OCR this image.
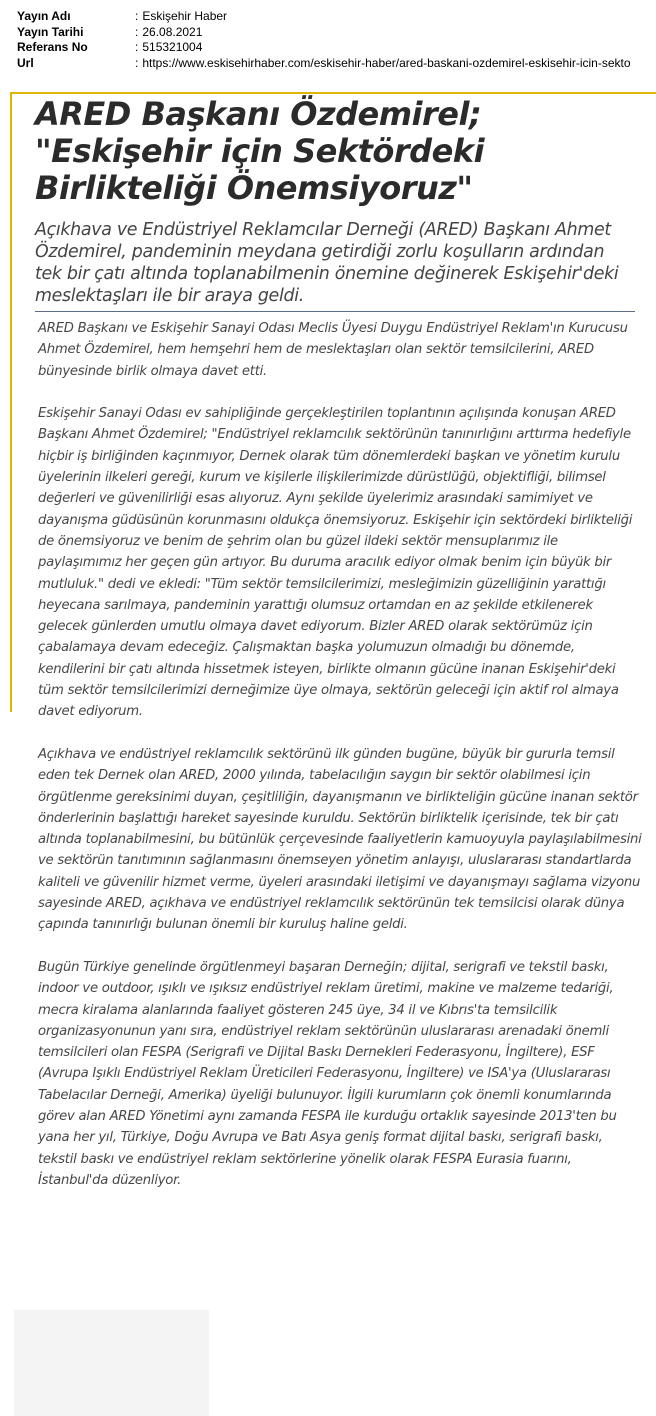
Yayın Adı	: Eskişehir Haber
Yayın Tarihi	: 26.08.2021
Referans No	: 515321004
Url	: https://www.eskisehirhaber.com/eskisehir-haber/ared-baskani-ozdemirel-eskisehir-icin-sekto
ARED Başkanı Özdemirel;
"Eskişehir için Sektördeki
Birlikteliği Önemsiyoruz"

Açıkhava ve Endüstriyel Reklamcılar Derneği (ARED) Başkanı Ahmet Özdemirel, pandeminin meydana getirdiği zorlu koşulların ardından tek bir çatı altında toplanabilmenin önemine değinerek Eskişehir'deki meslektaşları ile bir araya geldi.

ARED Başkanı ve Eskişehir Sanayi Odası Meclis Üyesi Duygu Endüstriyel Reklam'ın Kurucusu Ahmet Özdemirel, hem hemşehri hem de meslektaşları olan sektör temsilcilerini, ARED bünyesinde birlik olmaya davet etti.

Eskişehir Sanayi Odası ev sahipliğinde gerçekleştirilen toplantının açılışında konuşan ARED Başkanı Ahmet Özdemirel; "Endüstriyel reklamcılık sektörünün tanınırlığını arttırma hedefiyle hiçbir iş birliğinden kaçınmıyor, Dernek olarak tüm dönemlerdeki başkan ve yönetim kurulu üyelerinin ilkeleri gereği, kurum ve kişilerle ilişkilerimizde dürüstlüğü, objektifliği, bilimsel değerleri ve güvenilirliği esas alıyoruz. Aynı şekilde üyelerimiz arasındaki samimiyet ve dayanışma güdüsünün korunmasını oldukça önemsiyoruz. Eskişehir için sektördeki birlikteliği de önemsiyoruz ve benim de şehrim olan bu güzel ildeki sektör mensuplarımız ile paylaşımımız her geçen gün artıyor. Bu duruma aracılık ediyor olmak benim için büyük bir mutluluk." dedi ve ekledi: "Tüm sektör temsilcilerimizi, mesleğimizin güzelliğinin yarattığı heyecana sarılmaya, pandeminin yarattığı olumsuz ortamdan en az şekilde etkilenerek gelecek günlerden umutlu olmaya davet ediyorum. Bizler ARED olarak sektörümüz için çabalamaya devam edeceğiz. Çalışmaktan başka yolumuzun olmadığı bu dönemde, kendilerini bir çatı altında hissetmek isteyen, birlikte olmanın gücüne inanan Eskişehir'deki tüm sektör temsilcilerimizi derneğimize üye olmaya, sektörün geleceği için aktif rol almaya davet ediyorum.

Açıkhava ve endüstriyel reklamcılık sektörünü ilk günden bugüne, büyük bir gururla temsil eden tek Dernek olan ARED, 2000 yılında, tabelacılığın saygın bir sektör olabilmesi için örgütlenme gereksinimi duyan, çeşitliliğin, dayanışmanın ve birlikteliğin gücüne inanan sektör önderlerinin başlattığı hareket sayesinde kuruldu. Sektörün birliktelik içerisinde, tek bir çatı altında toplanabilmesini, bu bütünlük çerçevesinde faaliyetlerin kamuoyuyla paylaşılabilmesini ve sektörün tanıtımının sağlanmasını önemseyen yönetim anlayışı, uluslararası standartlarda kaliteli ve güvenilir hizmet verme, üyeleri arasındaki iletişimi ve dayanışmayı sağlama vizyonu sayesinde ARED, açıkhava ve endüstriyel reklamcılık sektörünün tek temsilcisi olarak dünya çapında tanınırlığı bulunan önemli bir kuruluş haline geldi.

Bugün Türkiye genelinde örgütlenmeyi başaran Derneğin; dijital, serigrafi ve tekstil baskı, indoor ve outdoor, ışıklı ve ışıksız endüstriyel reklam üretimi, makine ve malzeme tedariği, mecra kiralama alanlarında faaliyet gösteren 245 üye, 34 il ve Kıbrıs'ta temsilcilik organizasyonunun yanı sıra, endüstriyel reklam sektörünün uluslararası arenadaki önemli temsilcileri olan FESPA (Serigrafi ve Dijital Baskı Dernekleri Federasyonu, İngiltere), ESF (Avrupa Işıklı Endüstriyel Reklam Üreticileri Federasyonu, İngiltere) ve ISA'ya (Uluslararası Tabelacılar Derneği, Amerika) üyeliği bulunuyor. İlgili kurumların çok önemli konumlarında görev alan ARED Yönetimi aynı zamanda FESPA ile kurduğu ortaklık sayesinde 2013'ten bu yana her yıl, Türkiye, Doğu Avrupa ve Batı Asya geniş format dijital baskı, serigrafi baskı, tekstil baskı ve endüstriyel reklam sektörlerine yönelik olarak FESPA Eurasia fuarını, İstanbul'da düzenliyor.
